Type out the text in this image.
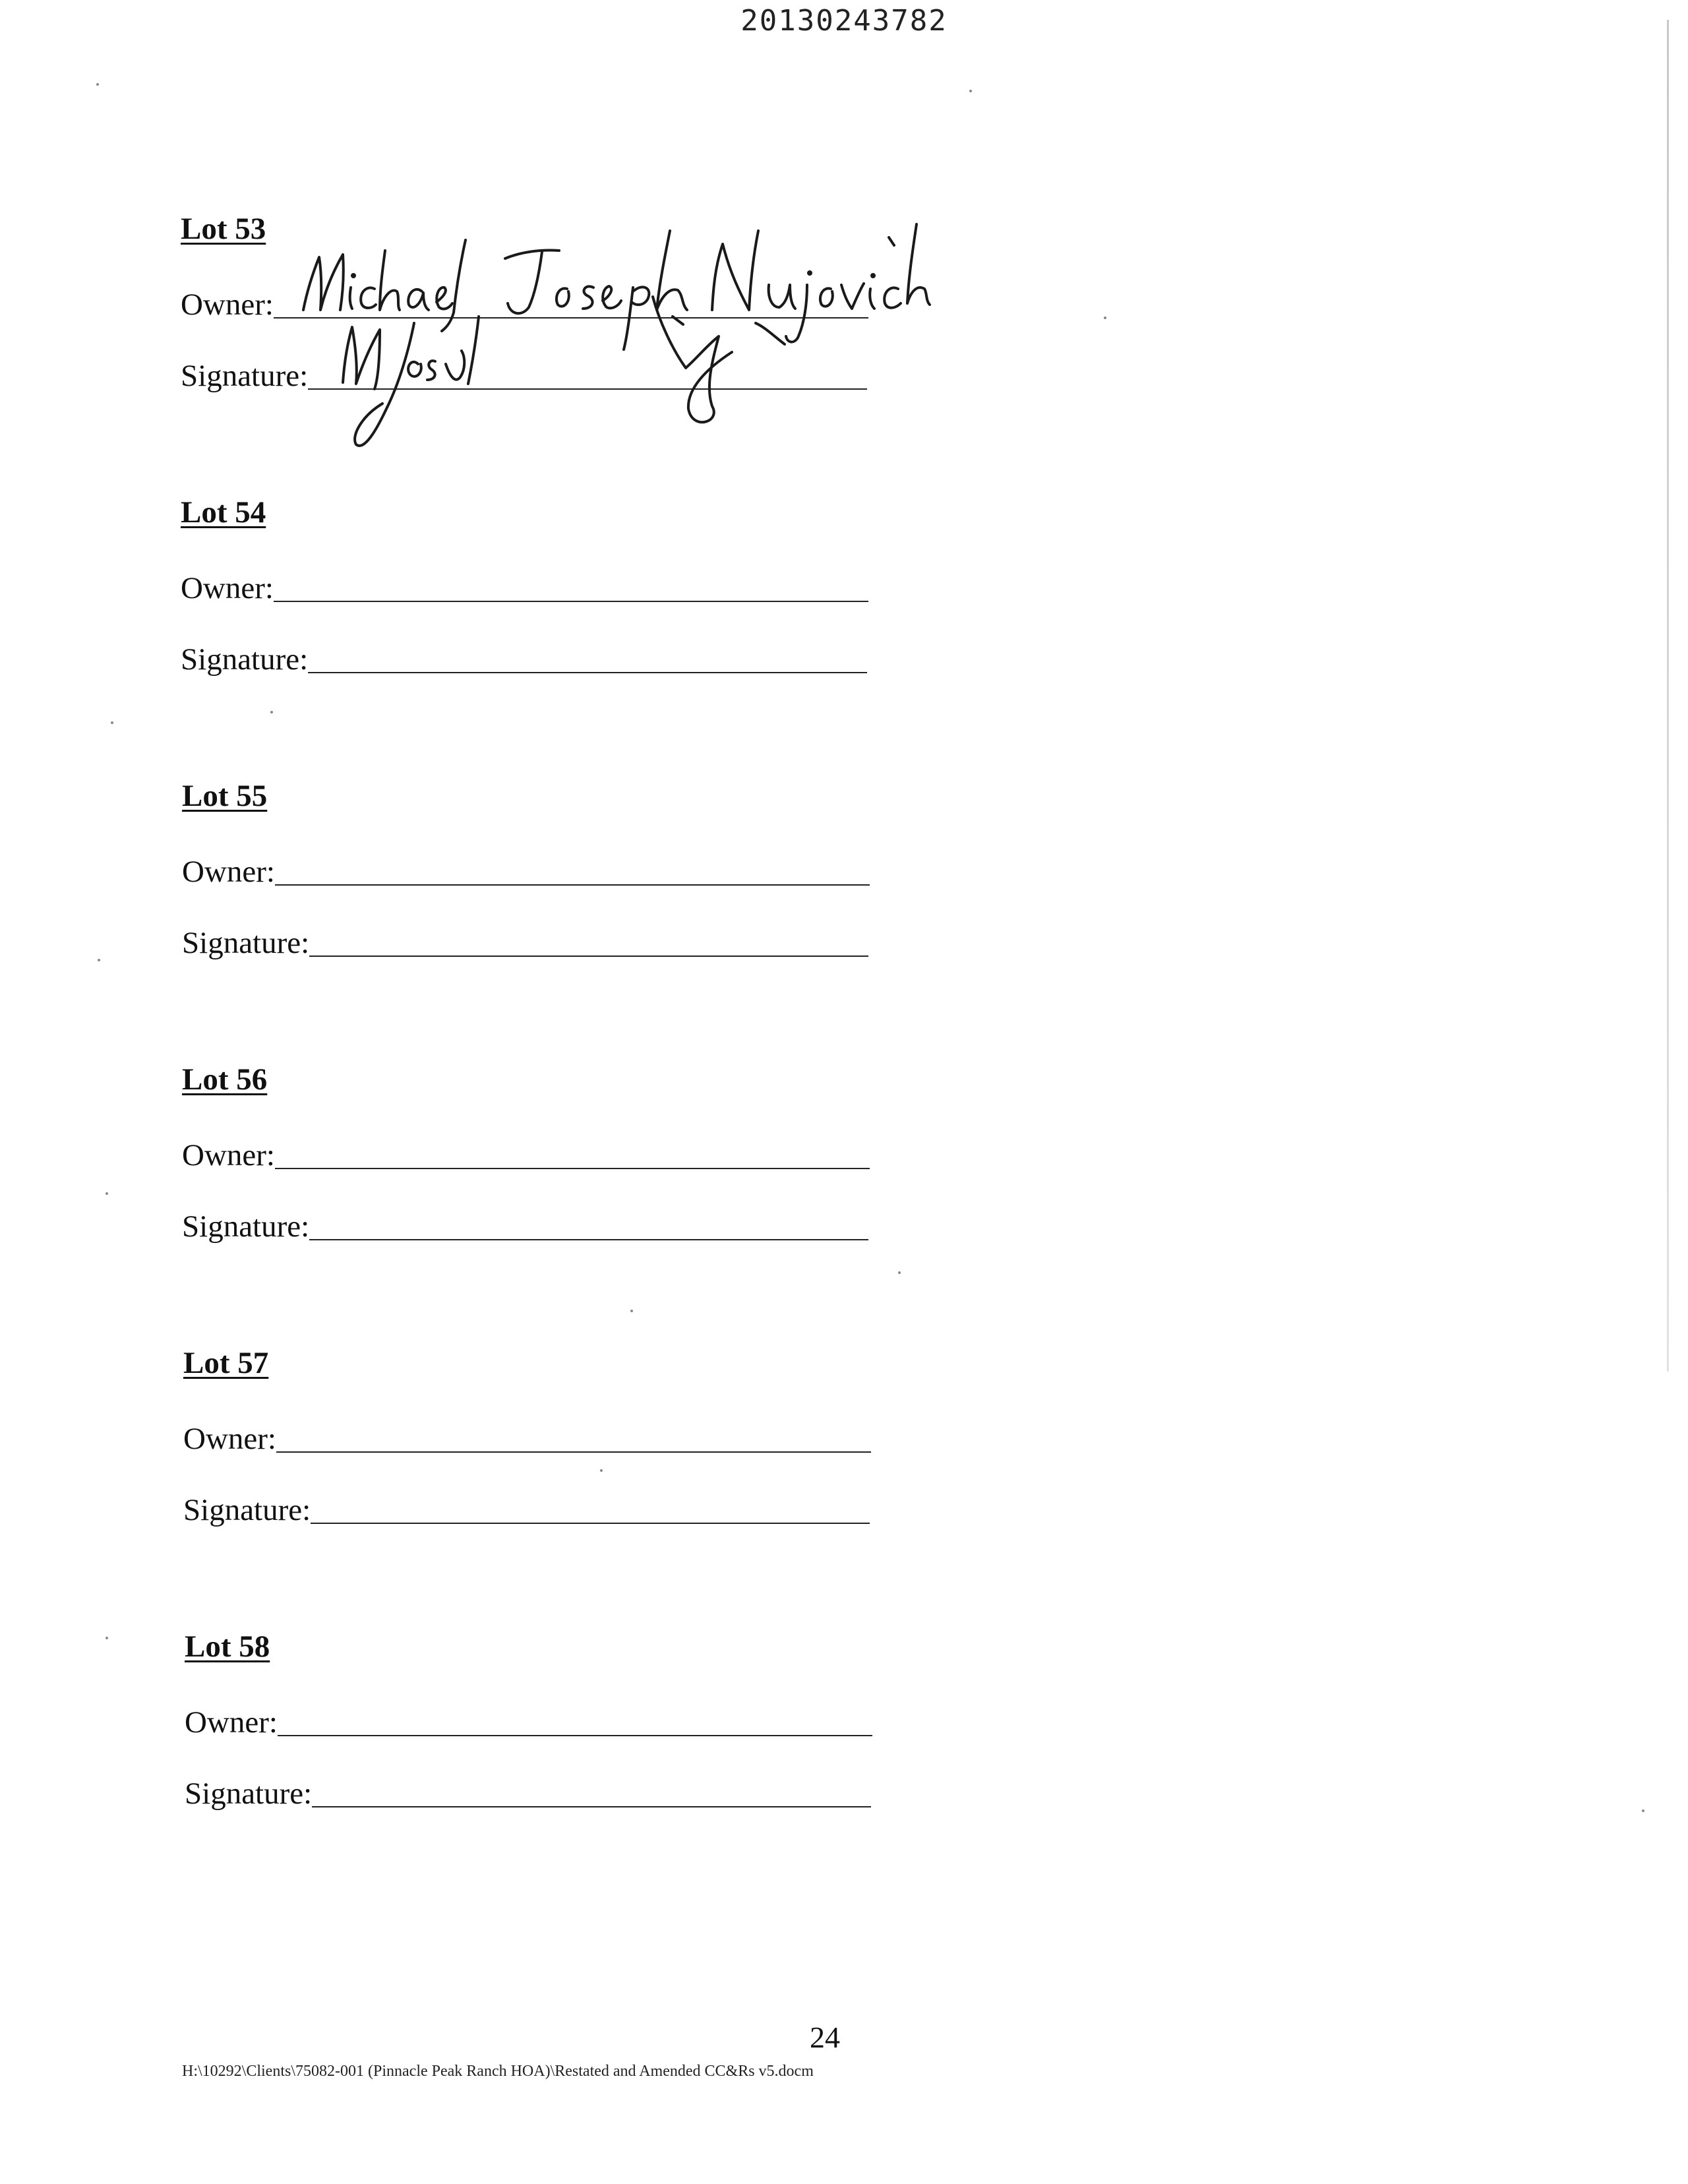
20130243782
Lot 53
Owner:
Signature:
Lot 54
Owner:
Signature:
Lot 55
Owner:
Signature:
Lot 56
Owner:
Signature:
Lot 57
Owner:
Signature:
Lot 58
Owner:
Signature:
24
H:\10292\Clients\75082-001 (Pinnacle Peak Ranch HOA)\Restated and Amended CC&Rs v5.docm
